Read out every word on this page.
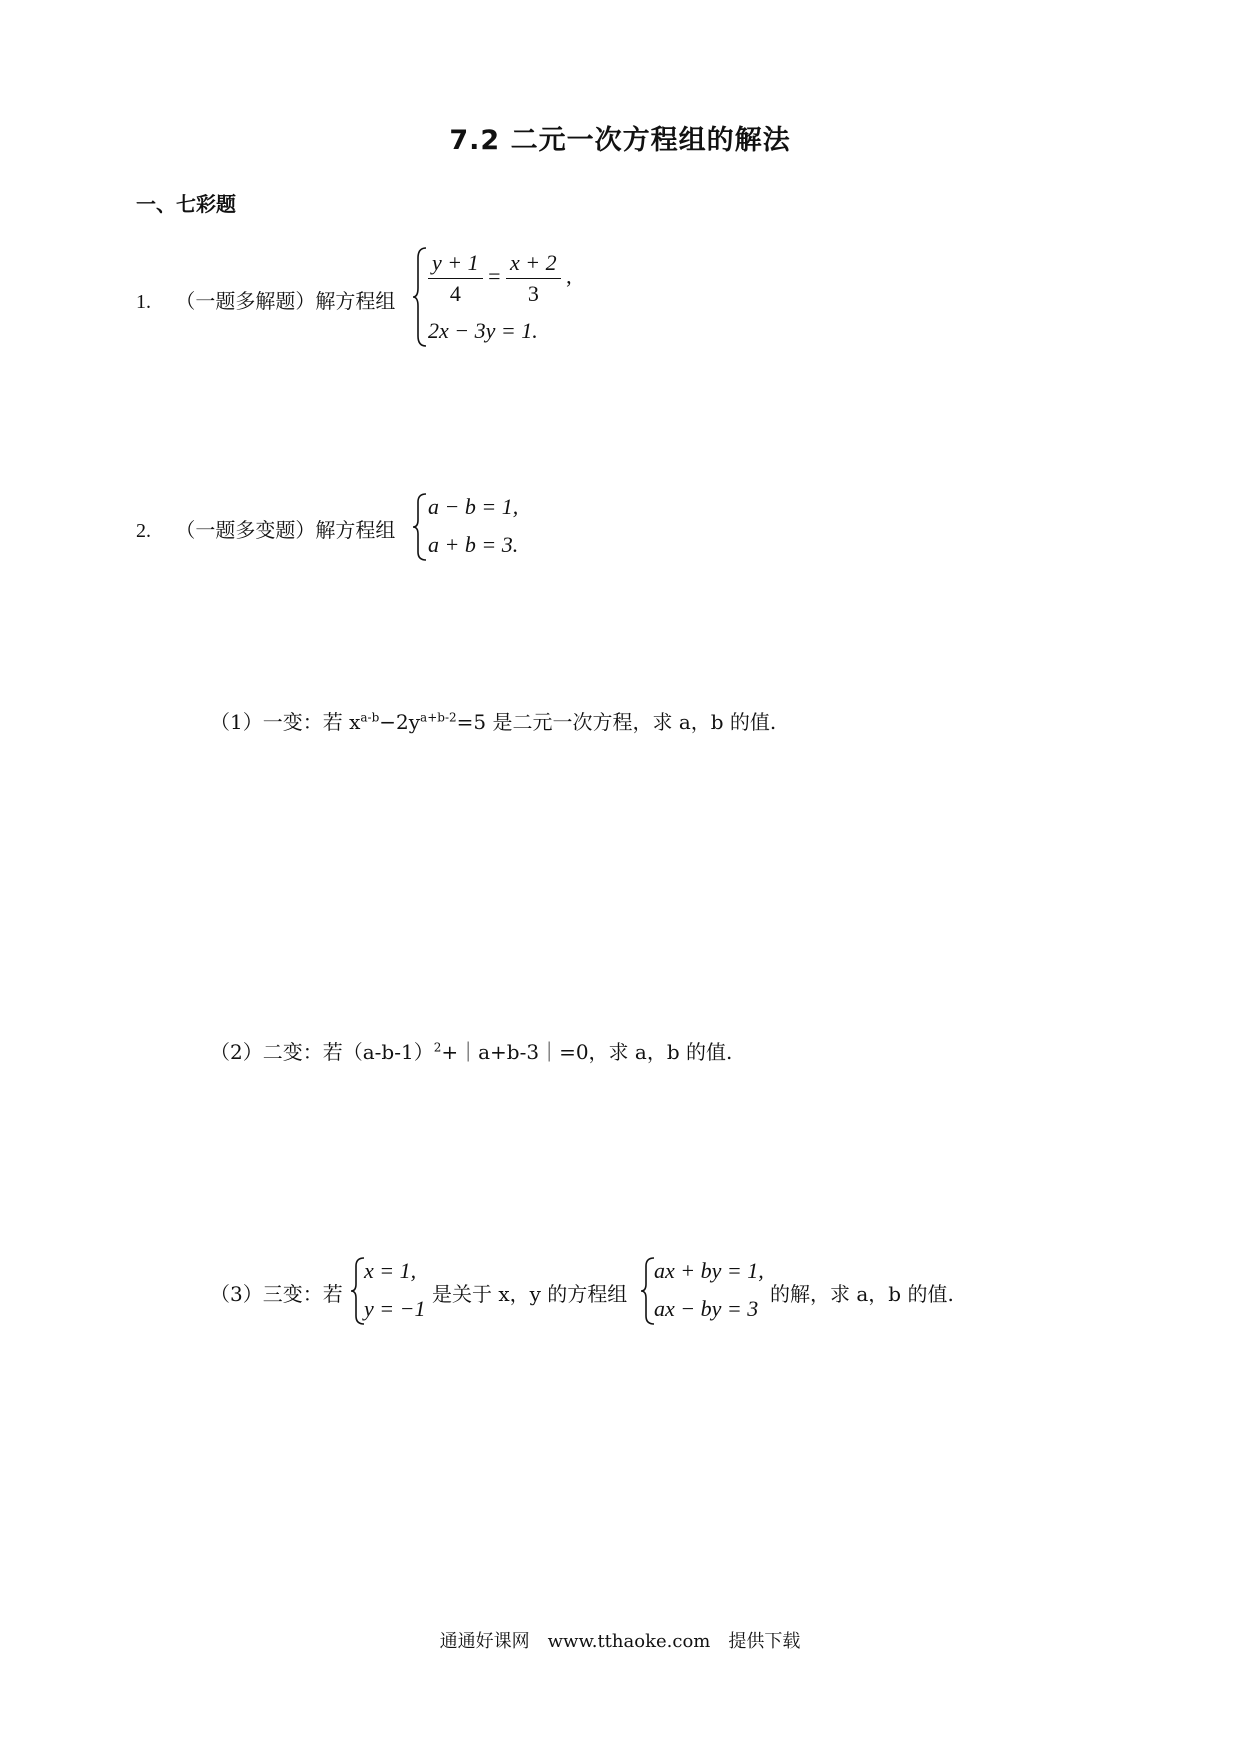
7.2 二元一次方程组的解法
一、七彩题
1. （一题多解题）解方程组 $\frac{y + 1}{4} = \frac{x + 2}{3}$ ,
2x − 3y = 1.
2. （一题多变题）解方程组
a − b = 1,
a + b = 3.
（1）一变：若 $x^{a-b}-2y^{a+b-2}=5$ 是二元一次方程，求 a，b 的值.
（2）二变：若$(a-b-1)^2+|a+b-3|=0$，求 a，b 的值.
（3）三变：若
x = 1,
y = −1
是关于 x，y 的方程组
ax + by = 1,
ax − by = 3
的解，求 a，b 的值.
通通好课网　www.tthaoke.com　提供下载
